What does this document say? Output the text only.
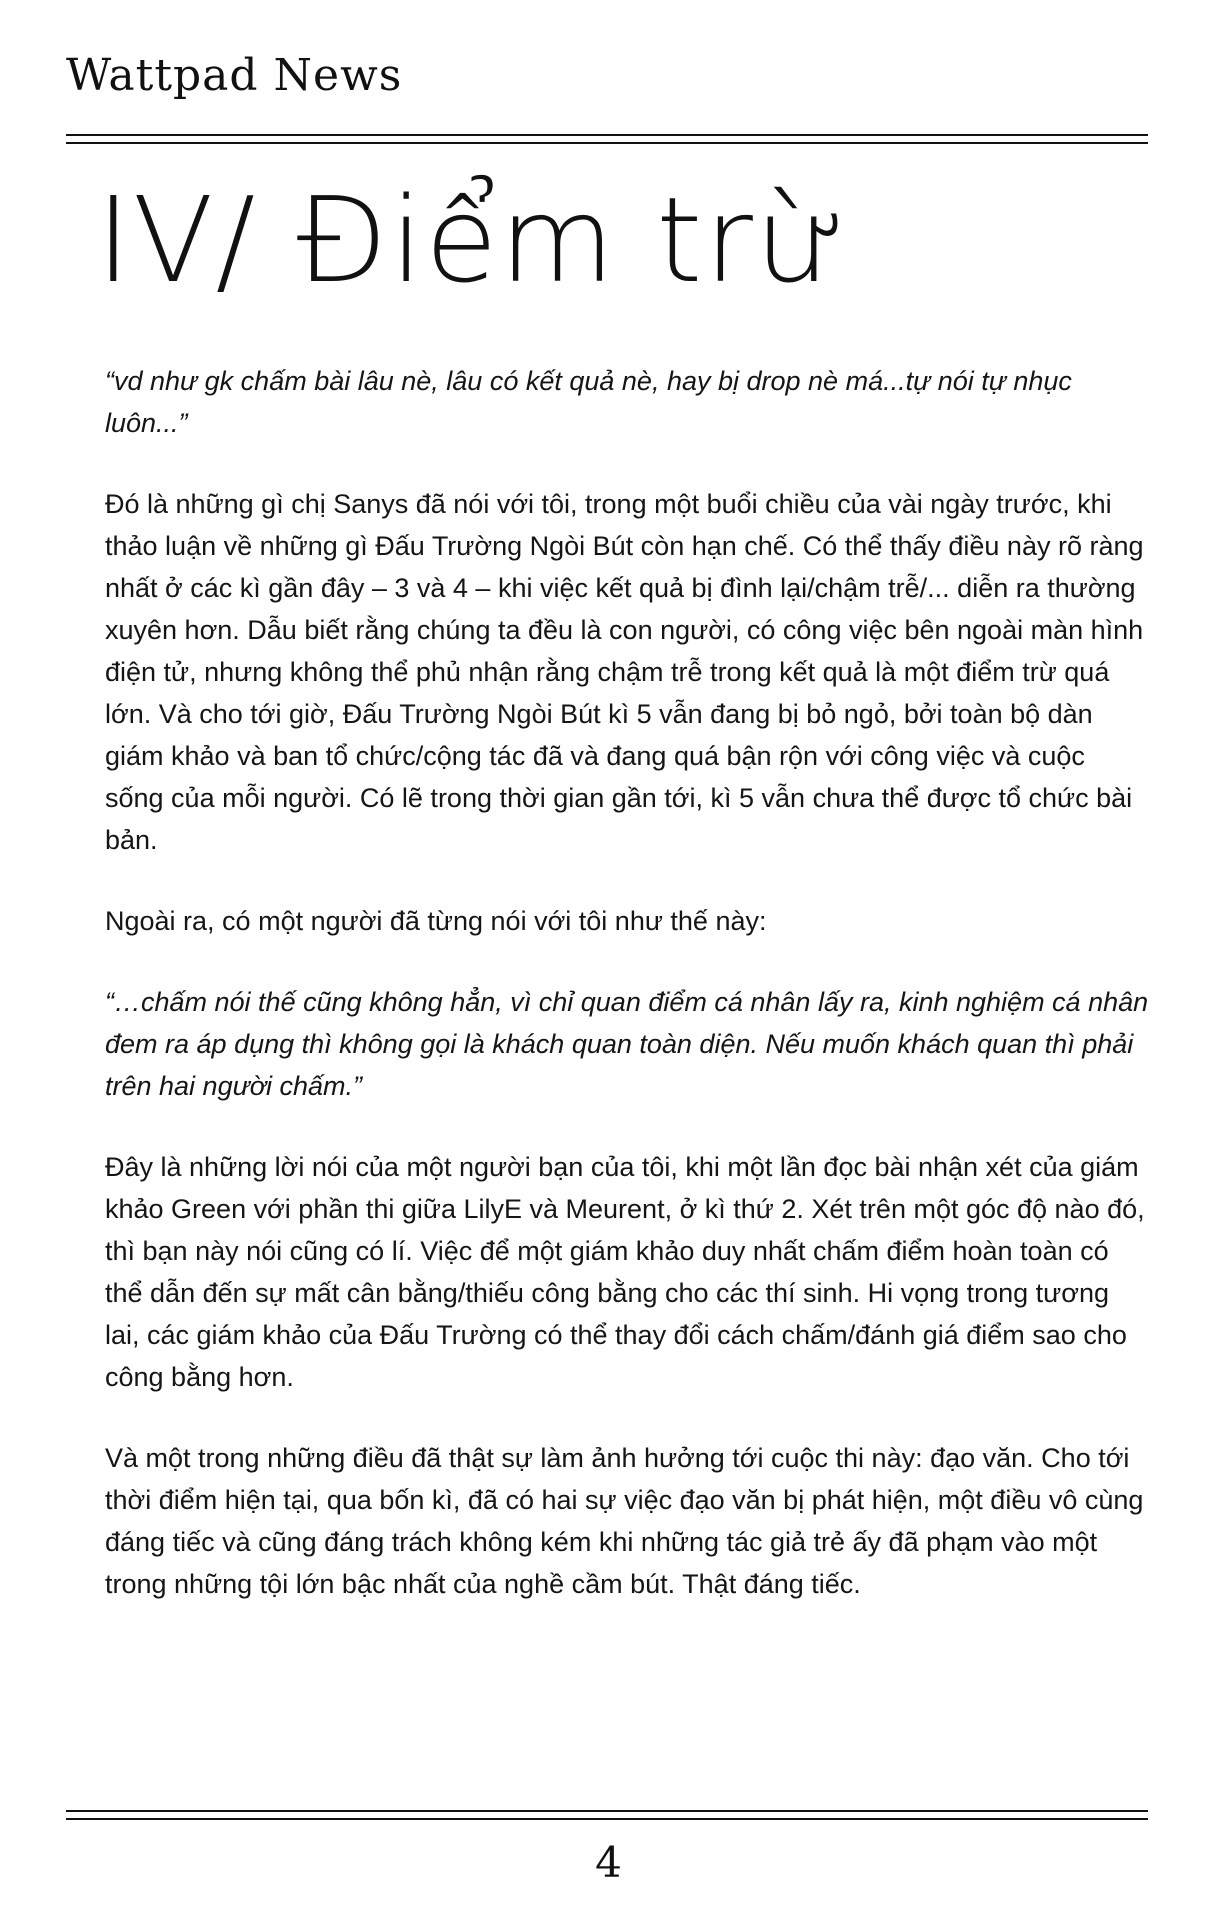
Wattpad News
IV/ Điểm trừ

“vd như gk chấm bài lâu nè, lâu có kết quả nè, hay bị drop nè má...tự nói tự nhục luôn...”

Đó là những gì chị Sanys đã nói với tôi, trong một buổi chiều của vài ngày trước, khi thảo luận về những gì Đấu Trường Ngòi Bút còn hạn chế. Có thể thấy điều này rõ ràng nhất ở các kì gần đây – 3 và 4 – khi việc kết quả bị đình lại/chậm trễ/... diễn ra thường xuyên hơn. Dẫu biết rằng chúng ta đều là con người, có công việc bên ngoài màn hình điện tử, nhưng không thể phủ nhận rằng chậm trễ trong kết quả là một điểm trừ quá lớn. Và cho tới giờ, Đấu Trường Ngòi Bút kì 5 vẫn đang bị bỏ ngỏ, bởi toàn bộ dàn giám khảo và ban tổ chức/cộng tác đã và đang quá bận rộn với công việc và cuộc sống của mỗi người. Có lẽ trong thời gian gần tới, kì 5 vẫn chưa thể được tổ chức bài bản.

Ngoài ra, có một người đã từng nói với tôi như thế này:

“…chấm nói thế cũng không hẳn, vì chỉ quan điểm cá nhân lấy ra, kinh nghiệm cá nhân đem ra áp dụng thì không gọi là khách quan toàn diện. Nếu muốn khách quan thì phải trên hai người chấm.”

Đây là những lời nói của một người bạn của tôi, khi một lần đọc bài nhận xét của giám khảo Green với phần thi giữa LilyE và Meurent, ở kì thứ 2. Xét trên một góc độ nào đó, thì bạn này nói cũng có lí. Việc để một giám khảo duy nhất chấm điểm hoàn toàn có thể dẫn đến sự mất cân bằng/thiếu công bằng cho các thí sinh. Hi vọng trong tương lai, các giám khảo của Đấu Trường có thể thay đổi cách chấm/đánh giá điểm sao cho công bằng hơn.

Và một trong những điều đã thật sự làm ảnh hưởng tới cuộc thi này: đạo văn. Cho tới thời điểm hiện tại, qua bốn kì, đã có hai sự việc đạo văn bị phát hiện, một điều vô cùng đáng tiếc và cũng đáng trách không kém khi những tác giả trẻ ấy đã phạm vào một trong những tội lớn bậc nhất của nghề cầm bút. Thật đáng tiếc.

4
